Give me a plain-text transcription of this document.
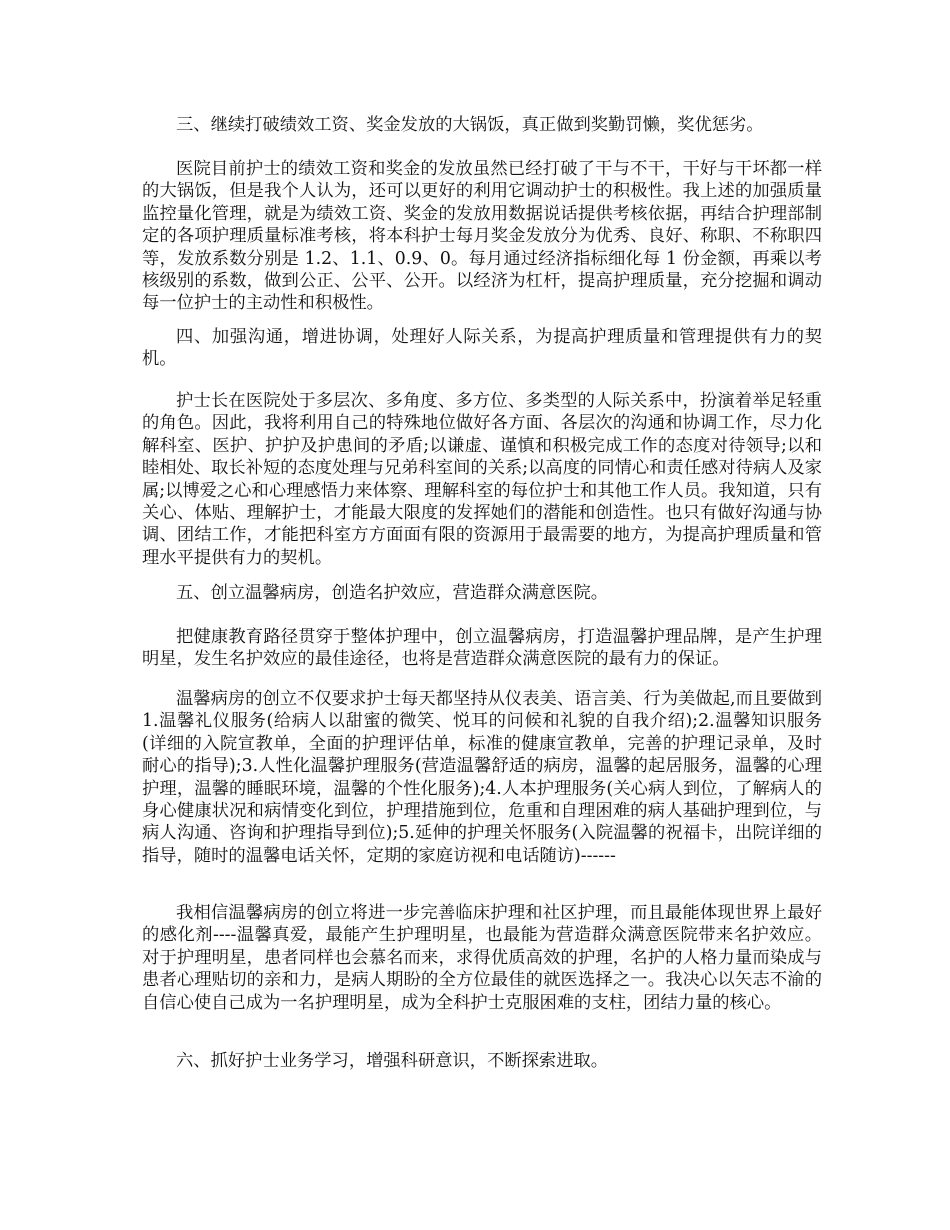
三、继续打破绩效工资、奖金发放的大锅饭，真正做到奖勤罚懒，奖优惩劣。

医院目前护士的绩效工资和奖金的发放虽然已经打破了干与不干，干好与干坏都一样的大锅饭，但是我个人认为，还可以更好的利用它调动护士的积极性。我上述的加强质量监控量化管理，就是为绩效工资、奖金的发放用数据说话提供考核依据，再结合护理部制定的各项护理质量标准考核，将本科护士每月奖金发放分为优秀、良好、称职、不称职四等，发放系数分别是 1.2、1.1、0.9、0。每月通过经济指标细化每 1 份金额，再乘以考核级别的系数，做到公正、公平、公开。以经济为杠杆，提高护理质量，充分挖掘和调动每一位护士的主动性和积极性。

四、加强沟通，增进协调，处理好人际关系，为提高护理质量和管理提供有力的契机。

护士长在医院处于多层次、多角度、多方位、多类型的人际关系中，扮演着举足轻重的角色。因此，我将利用自己的特殊地位做好各方面、各层次的沟通和协调工作，尽力化解科室、医护、护护及护患间的矛盾;以谦虚、谨慎和积极完成工作的态度对待领导;以和睦相处、取长补短的态度处理与兄弟科室间的关系;以高度的同情心和责任感对待病人及家属;以博爱之心和心理感悟力来体察、理解科室的每位护士和其他工作人员。我知道，只有关心、体贴、理解护士，才能最大限度的发挥她们的潜能和创造性。也只有做好沟通与协调、团结工作，才能把科室方方面面有限的资源用于最需要的地方，为提高护理质量和管理水平提供有力的契机。

五、创立温馨病房，创造名护效应，营造群众满意医院。

把健康教育路径贯穿于整体护理中，创立温馨病房，打造温馨护理品牌，是产生护理明星，发生名护效应的最佳途径，也将是营造群众满意医院的最有力的保证。

温馨病房的创立不仅要求护士每天都坚持从仪表美、语言美、行为美做起,而且要做到 1.温馨礼仪服务(给病人以甜蜜的微笑、悦耳的问候和礼貌的自我介绍);2.温馨知识服务(详细的入院宣教单，全面的护理评估单，标准的健康宣教单，完善的护理记录单，及时耐心的指导);3.人性化温馨护理服务(营造温馨舒适的病房，温馨的起居服务，温馨的心理护理，温馨的睡眠环境，温馨的个性化服务);4.人本护理服务(关心病人到位，了解病人的身心健康状况和病情变化到位，护理措施到位，危重和自理困难的病人基础护理到位，与病人沟通、咨询和护理指导到位);5.延伸的护理关怀服务(入院温馨的祝福卡，出院详细的指导，随时的温馨电话关怀，定期的家庭访视和电话随访)------

我相信温馨病房的创立将进一步完善临床护理和社区护理，而且最能体现世界上最好的感化剂----温馨真爱，最能产生护理明星，也最能为营造群众满意医院带来名护效应。对于护理明星，患者同样也会慕名而来，求得优质高效的护理，名护的人格力量而染成与患者心理贴切的亲和力，是病人期盼的全方位最佳的就医选择之一。我决心以矢志不渝的自信心使自己成为一名护理明星，成为全科护士克服困难的支柱，团结力量的核心。

六、抓好护士业务学习，增强科研意识，不断探索进取。
